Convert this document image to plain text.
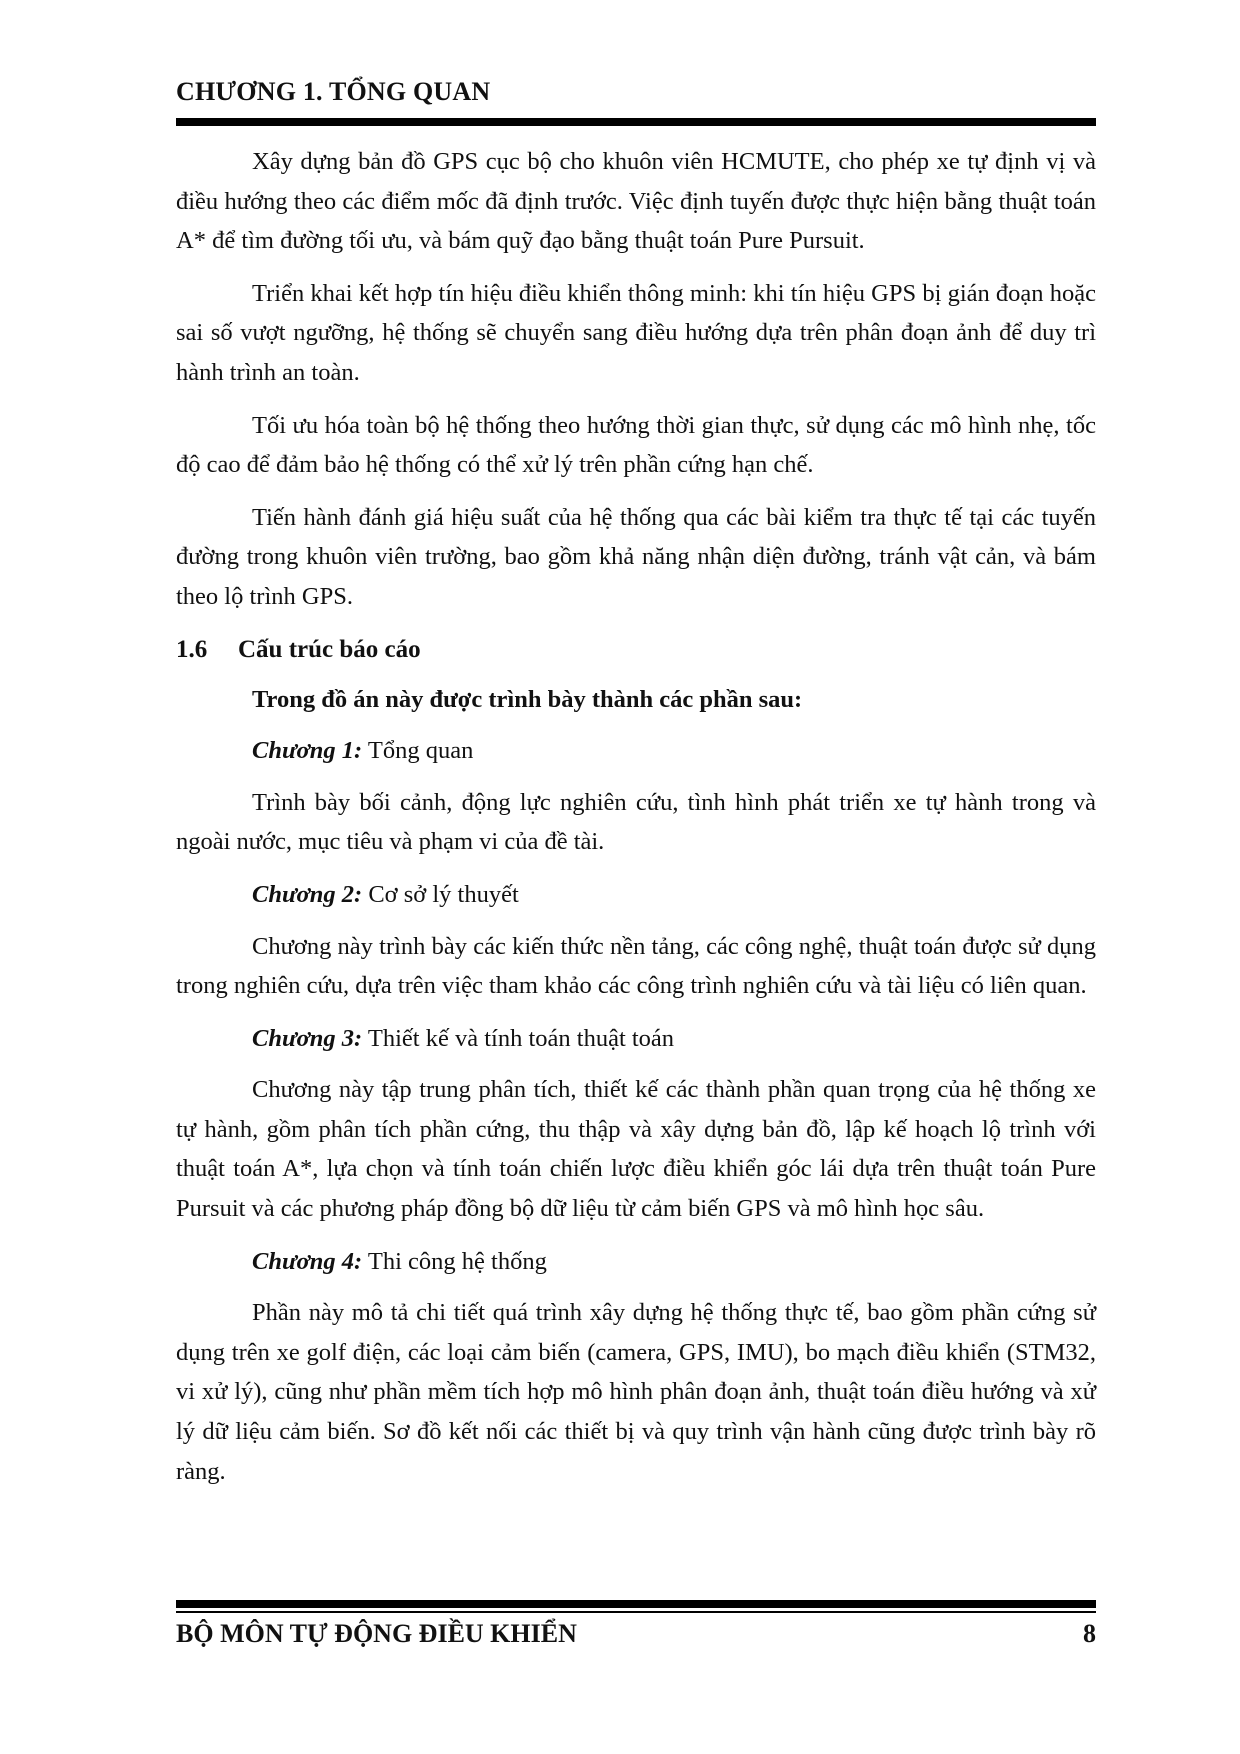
CHƯƠNG 1. TỔNG QUAN

Xây dựng bản đồ GPS cục bộ cho khuôn viên HCMUTE, cho phép xe tự định vị và điều hướng theo các điểm mốc đã định trước. Việc định tuyến được thực hiện bằng thuật toán A* để tìm đường tối ưu, và bám quỹ đạo bằng thuật toán Pure Pursuit.

Triển khai kết hợp tín hiệu điều khiển thông minh: khi tín hiệu GPS bị gián đoạn hoặc sai số vượt ngưỡng, hệ thống sẽ chuyển sang điều hướng dựa trên phân đoạn ảnh để duy trì hành trình an toàn.

Tối ưu hóa toàn bộ hệ thống theo hướng thời gian thực, sử dụng các mô hình nhẹ, tốc độ cao để đảm bảo hệ thống có thể xử lý trên phần cứng hạn chế.

Tiến hành đánh giá hiệu suất của hệ thống qua các bài kiểm tra thực tế tại các tuyến đường trong khuôn viên trường, bao gồm khả năng nhận diện đường, tránh vật cản, và bám theo lộ trình GPS.

1.6 Cấu trúc báo cáo
Trong đồ án này được trình bày thành các phần sau:
Chương 1: Tổng quan

Trình bày bối cảnh, động lực nghiên cứu, tình hình phát triển xe tự hành trong và ngoài nước, mục tiêu và phạm vi của đề tài.

Chương 2: Cơ sở lý thuyết

Chương này trình bày các kiến thức nền tảng, các công nghệ, thuật toán được sử dụng trong nghiên cứu, dựa trên việc tham khảo các công trình nghiên cứu và tài liệu có liên quan.

Chương 3: Thiết kế và tính toán thuật toán

Chương này tập trung phân tích, thiết kế các thành phần quan trọng của hệ thống xe tự hành, gồm phân tích phần cứng, thu thập và xây dựng bản đồ, lập kế hoạch lộ trình với thuật toán A*, lựa chọn và tính toán chiến lược điều khiển góc lái dựa trên thuật toán Pure Pursuit và các phương pháp đồng bộ dữ liệu từ cảm biến GPS và mô hình học sâu.

Chương 4: Thi công hệ thống

Phần này mô tả chi tiết quá trình xây dựng hệ thống thực tế, bao gồm phần cứng sử dụng trên xe golf điện, các loại cảm biến (camera, GPS, IMU), bo mạch điều khiển (STM32, vi xử lý), cũng như phần mềm tích hợp mô hình phân đoạn ảnh, thuật toán điều hướng và xử lý dữ liệu cảm biến. Sơ đồ kết nối các thiết bị và quy trình vận hành cũng được trình bày rõ ràng.

BỘ MÔN TỰ ĐỘNG ĐIỀU KHIỂN	8
